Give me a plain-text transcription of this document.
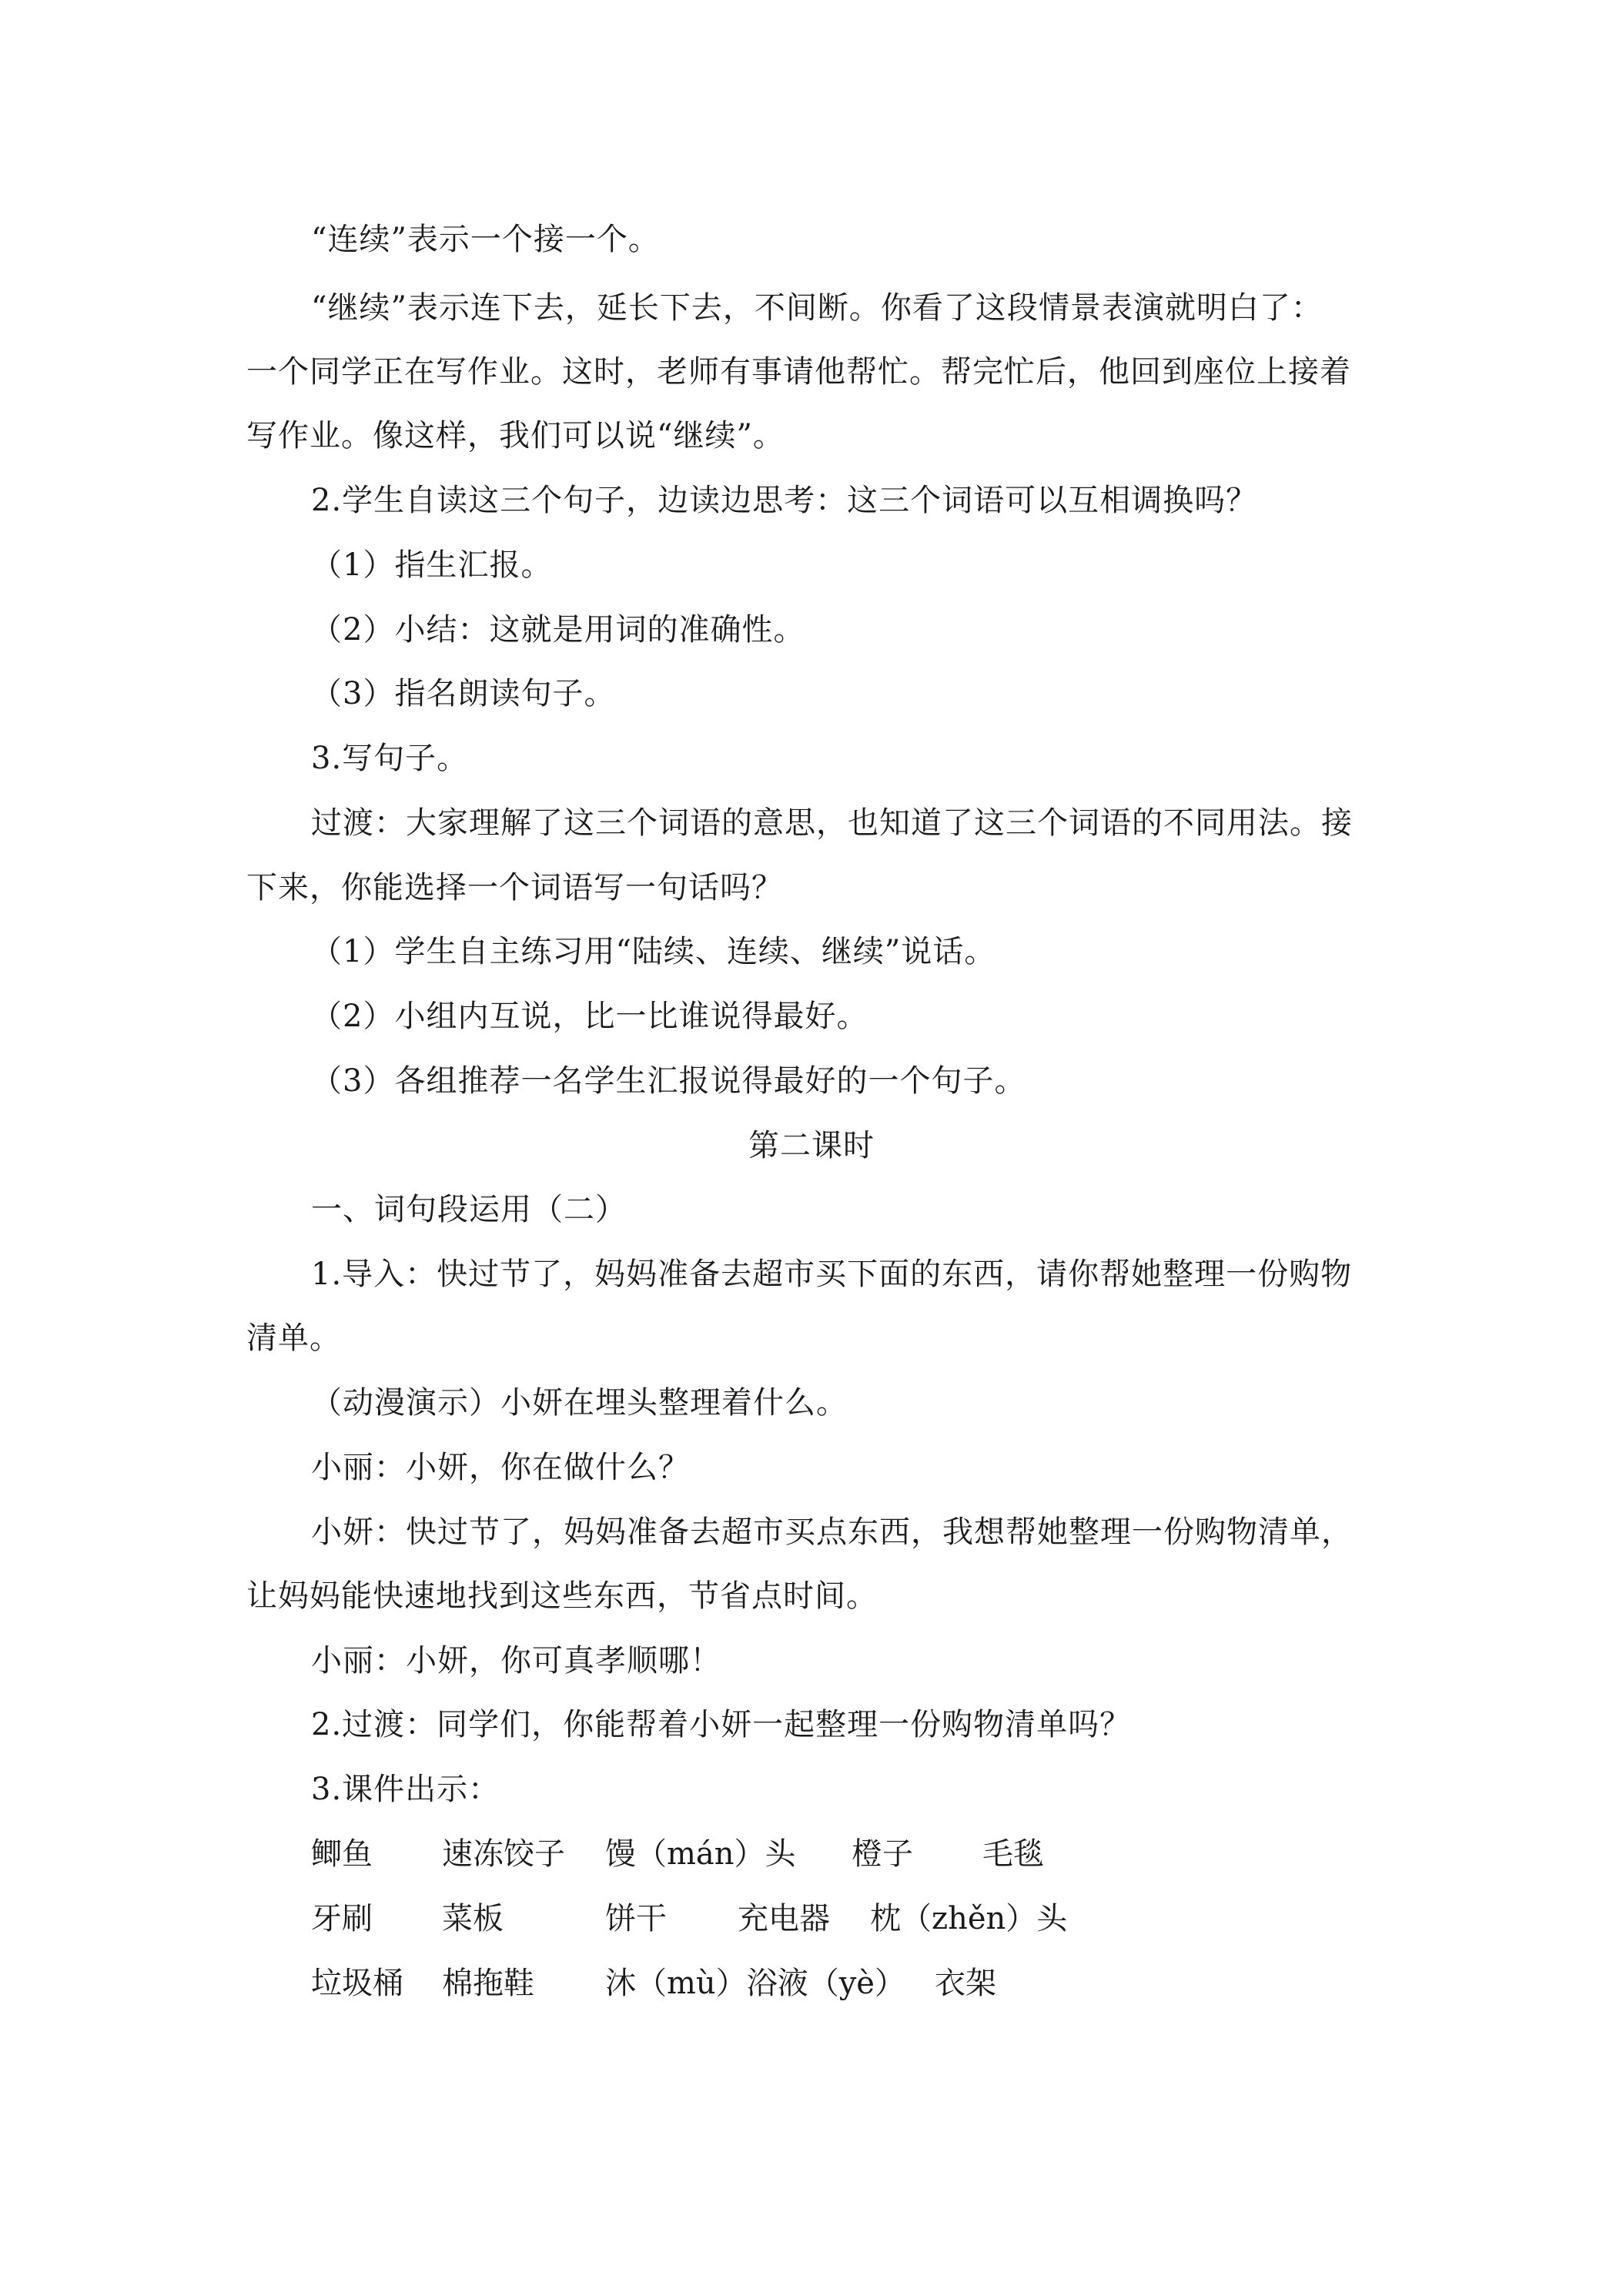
“连续”表示一个接一个。
“继续”表示连下去，延长下去，不间断。你看了这段情景表演就明白了：
一个同学正在写作业。这时，老师有事请他帮忙。帮完忙后，他回到座位上接着
写作业。像这样，我们可以说“继续”。
2.学生自读这三个句子，边读边思考：这三个词语可以互相调换吗？
（1）指生汇报。
（2）小结：这就是用词的准确性。
（3）指名朗读句子。
3.写句子。
过渡：大家理解了这三个词语的意思，也知道了这三个词语的不同用法。接
下来，你能选择一个词语写一句话吗？
（1）学生自主练习用“陆续、连续、继续”说话。
（2）小组内互说，比一比谁说得最好。
（3）各组推荐一名学生汇报说得最好的一个句子。
第二课时
一、词句段运用（二）
1.导入：快过节了，妈妈准备去超市买下面的东西，请你帮她整理一份购物
清单。
（动漫演示）小妍在埋头整理着什么。
小丽：小妍，你在做什么？
小妍：快过节了，妈妈准备去超市买点东西，我想帮她整理一份购物清单，
让妈妈能快速地找到这些东西，节省点时间。
小丽：小妍，你可真孝顺哪！
2.过渡：同学们，你能帮着小妍一起整理一份购物清单吗？
3.课件出示：
鲫鱼 速冻饺子 馒（mán）头 橙子 毛毯
牙刷 菜板	饼干 充电器 枕（zhěn）头
垃圾桶 棉拖鞋 沐（mù）浴液（yè） 衣架
